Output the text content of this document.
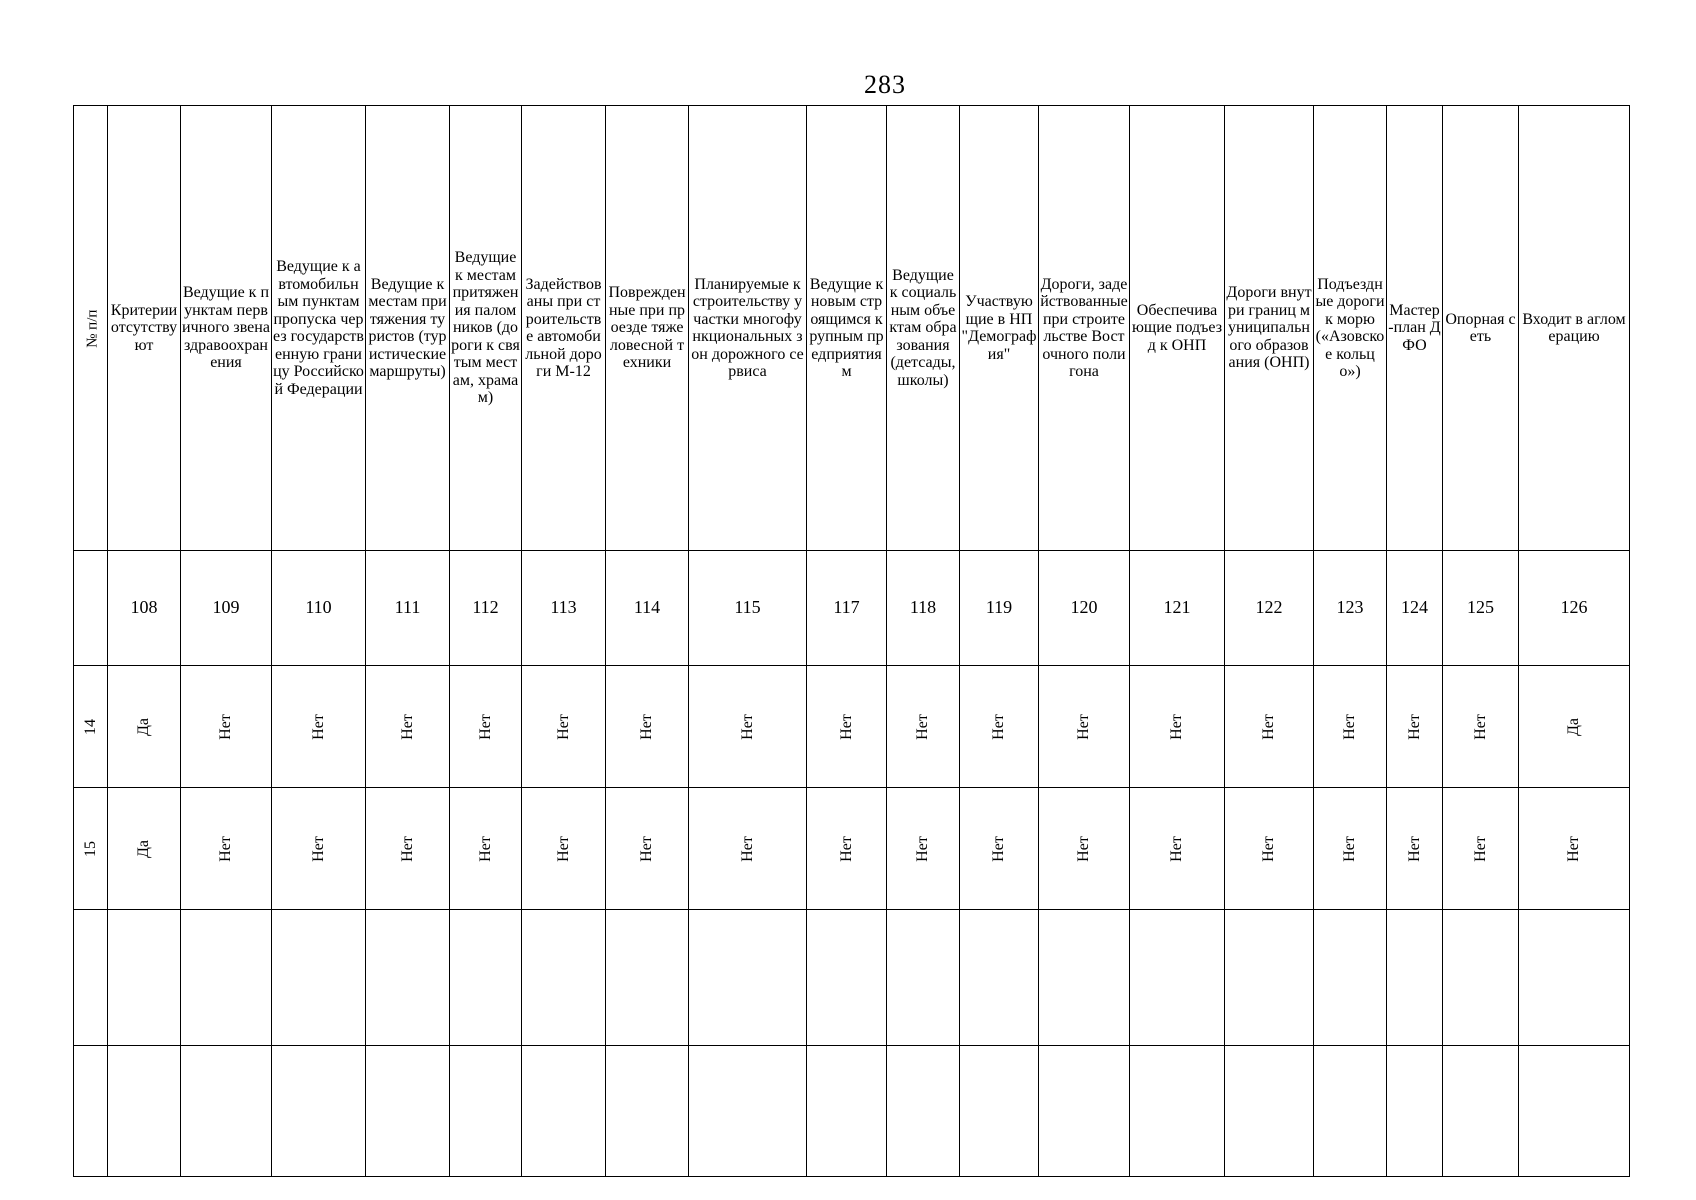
283
№ п/п	Критерии отсутствуют	Ведущие к пунктам первичного звена здравоохранения	Ведущие к автомобильным пунктам пропуска через государственную границу Российской Федерации	Ведущие к местам притяжения туристов (туристические маршруты)	Ведущие к местам притяжения паломников (дороги к святым местам, храмам)	Задействованы при строительстве автомобильной дороги М-12	Поврежденные при проезде тяжеловесной техники	Планируемые к строительству участки многофункциональных зон дорожного сервиса	Ведущие к новым строящимся крупным предприятиям	Ведущие к социальным объектам образования (детсады, школы)	Участвующие в НП "Демография"	Дороги, задействованные при строительстве Восточного полигона	Обеспечивающие подъезд к ОНП	Дороги внутри границ муниципального образования (ОНП)	Подъездные дороги к морю («Азовское кольцо»)	Мастер-план ДФО	Опорная сеть	Входит в агломерацию

	108	109	110	111	112	113	114	115	117	118	119	120	121	122	123	124	125	126

14	Да	Нет	Нет	Нет	Нет	Нет	Нет	Нет	Нет	Нет	Нет	Нет	Нет	Нет	Нет	Нет	Нет	Да
15	Да	Нет	Нет	Нет	Нет	Нет	Нет	Нет	Нет	Нет	Нет	Нет	Нет	Нет	Нет	Нет	Нет	Нет
